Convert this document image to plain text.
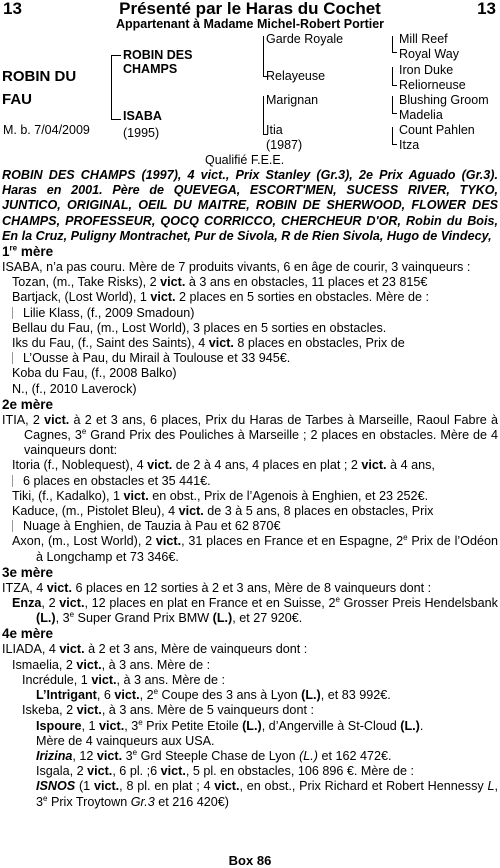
13	Présenté par le Haras du Cochet	13
Appartenant à Madame Michel-Robert Portier
ROBIN DU
FAU
M. b. 7/04/2009
ROBIN DES
CHAMPS
ISABA
(1995)
Garde Royale
Relayeuse
Marignan
Itia
(1987)
Mill Reef
Royal Way
Iron Duke
Reliorneuse
Blushing Groom
Madelia
Count Pahlen
Itza
Qualifié F.E.E.

ROBIN DES CHAMPS (1997), 4 vict., Prix Stanley (Gr.3), 2e Prix Aguado (Gr.3). Haras en 2001. Père de QUEVEGA, ESCORT'MEN, SUCESS RIVER, TYKO, JUNTICO, ORIGINAL, OEIL DU MAITRE, ROBIN DE SHERWOOD, FLOWER DES CHAMPS, PROFESSEUR, QOCQ CORRICCO, CHERCHEUR D'OR, Robin du Bois, En la Cruz, Puligny Montrachet, Pur de Sivola, R de Rien Sivola, Hugo de Vindecy,

1re mère

ISABA, n’a pas couru. Mère de 7 produits vivants, 6 en âge de courir, 3 vainqueurs :

Tozan, (m., Take Risks), 2 vict. à 3 ans en obstacles, 11 places et 23 815€

Bartjack, (Lost World), 1 vict. 2 places en 5 sorties en obstacles. Mère de :

Lilie Klass, (f., 2009 Smadoun)

Bellau du Fau, (m., Lost World), 3 places en 5 sorties en obstacles.

Iks du Fau, (f., Saint des Saints), 4 vict. 8 places en obstacles, Prix de

L’Ousse à Pau, du Mirail à Toulouse et 33 945€.

Koba du Fau, (f., 2008 Balko)

N., (f., 2010 Laverock)

2e mère

ITIA, 2 vict. à 2 et 3 ans, 6 places, Prix du Haras de Tarbes à Marseille, Raoul Fabre à Cagnes, 3e Grand Prix des Pouliches à Marseille ; 2 places en obstacles. Mère de 4 vainqueurs dont:

Itoria (f., Noblequest), 4 vict. de 2 à 4 ans, 4 places en plat ; 2 vict. à 4 ans,

6 places en obstacles et 35 441€.

Tiki, (f., Kadalko), 1 vict. en obst., Prix de l’Agenois à Enghien, et 23 252€.

Kaduce, (m., Pistolet Bleu), 4 vict. de 3 à 5 ans, 8 places en obstacles, Prix

Nuage à Enghien, de Tauzia à Pau et 62 870€

Axon, (m., Lost World), 2 vict., 31 places en France et en Espagne, 2e Prix de l’Odéon à Longchamp et 73 346€.

3e mère

ITZA, 4 vict. 6 places en 12 sorties à 2 et 3 ans, Mère de 8 vainqueurs dont :

Enza, 2 vict., 12 places en plat en France et en Suisse, 2e Grosser Preis Hendelsbank (L.), 3e Super Grand Prix BMW (L.), et 27 920€.

4e mère

ILIADA, 4 vict. à 2 et 3 ans, Mère de vainqueurs dont :

Ismaelia, 2 vict., à 3 ans. Mère de :

Incrédule, 1 vict., à 3 ans. Mère de :

L’Intrigant, 6 vict., 2e Coupe des 3 ans à Lyon (L.), et 83 992€.

Iskeba, 2 vict., à 3 ans. Mère de 5 vainqueurs dont :

Ispoure, 1 vict., 3e Prix Petite Etoile (L.), d’Angerville à St-Cloud (L.).

Mère de 4 vainqueurs aux USA.

Irizina, 12 vict. 3e Grd Steeple Chase de Lyon (L.) et 162 472€.

Isgala, 2 vict., 6 pl. ;6 vict., 5 pl. en obstacles, 106 896 €. Mère de :

ISNOS (1 vict., 8 pl. en plat ; 4 vict., en obst., Prix Richard et Robert Hennessy L, 3e Prix Troytown Gr.3 et 216 420€)

Box 86
